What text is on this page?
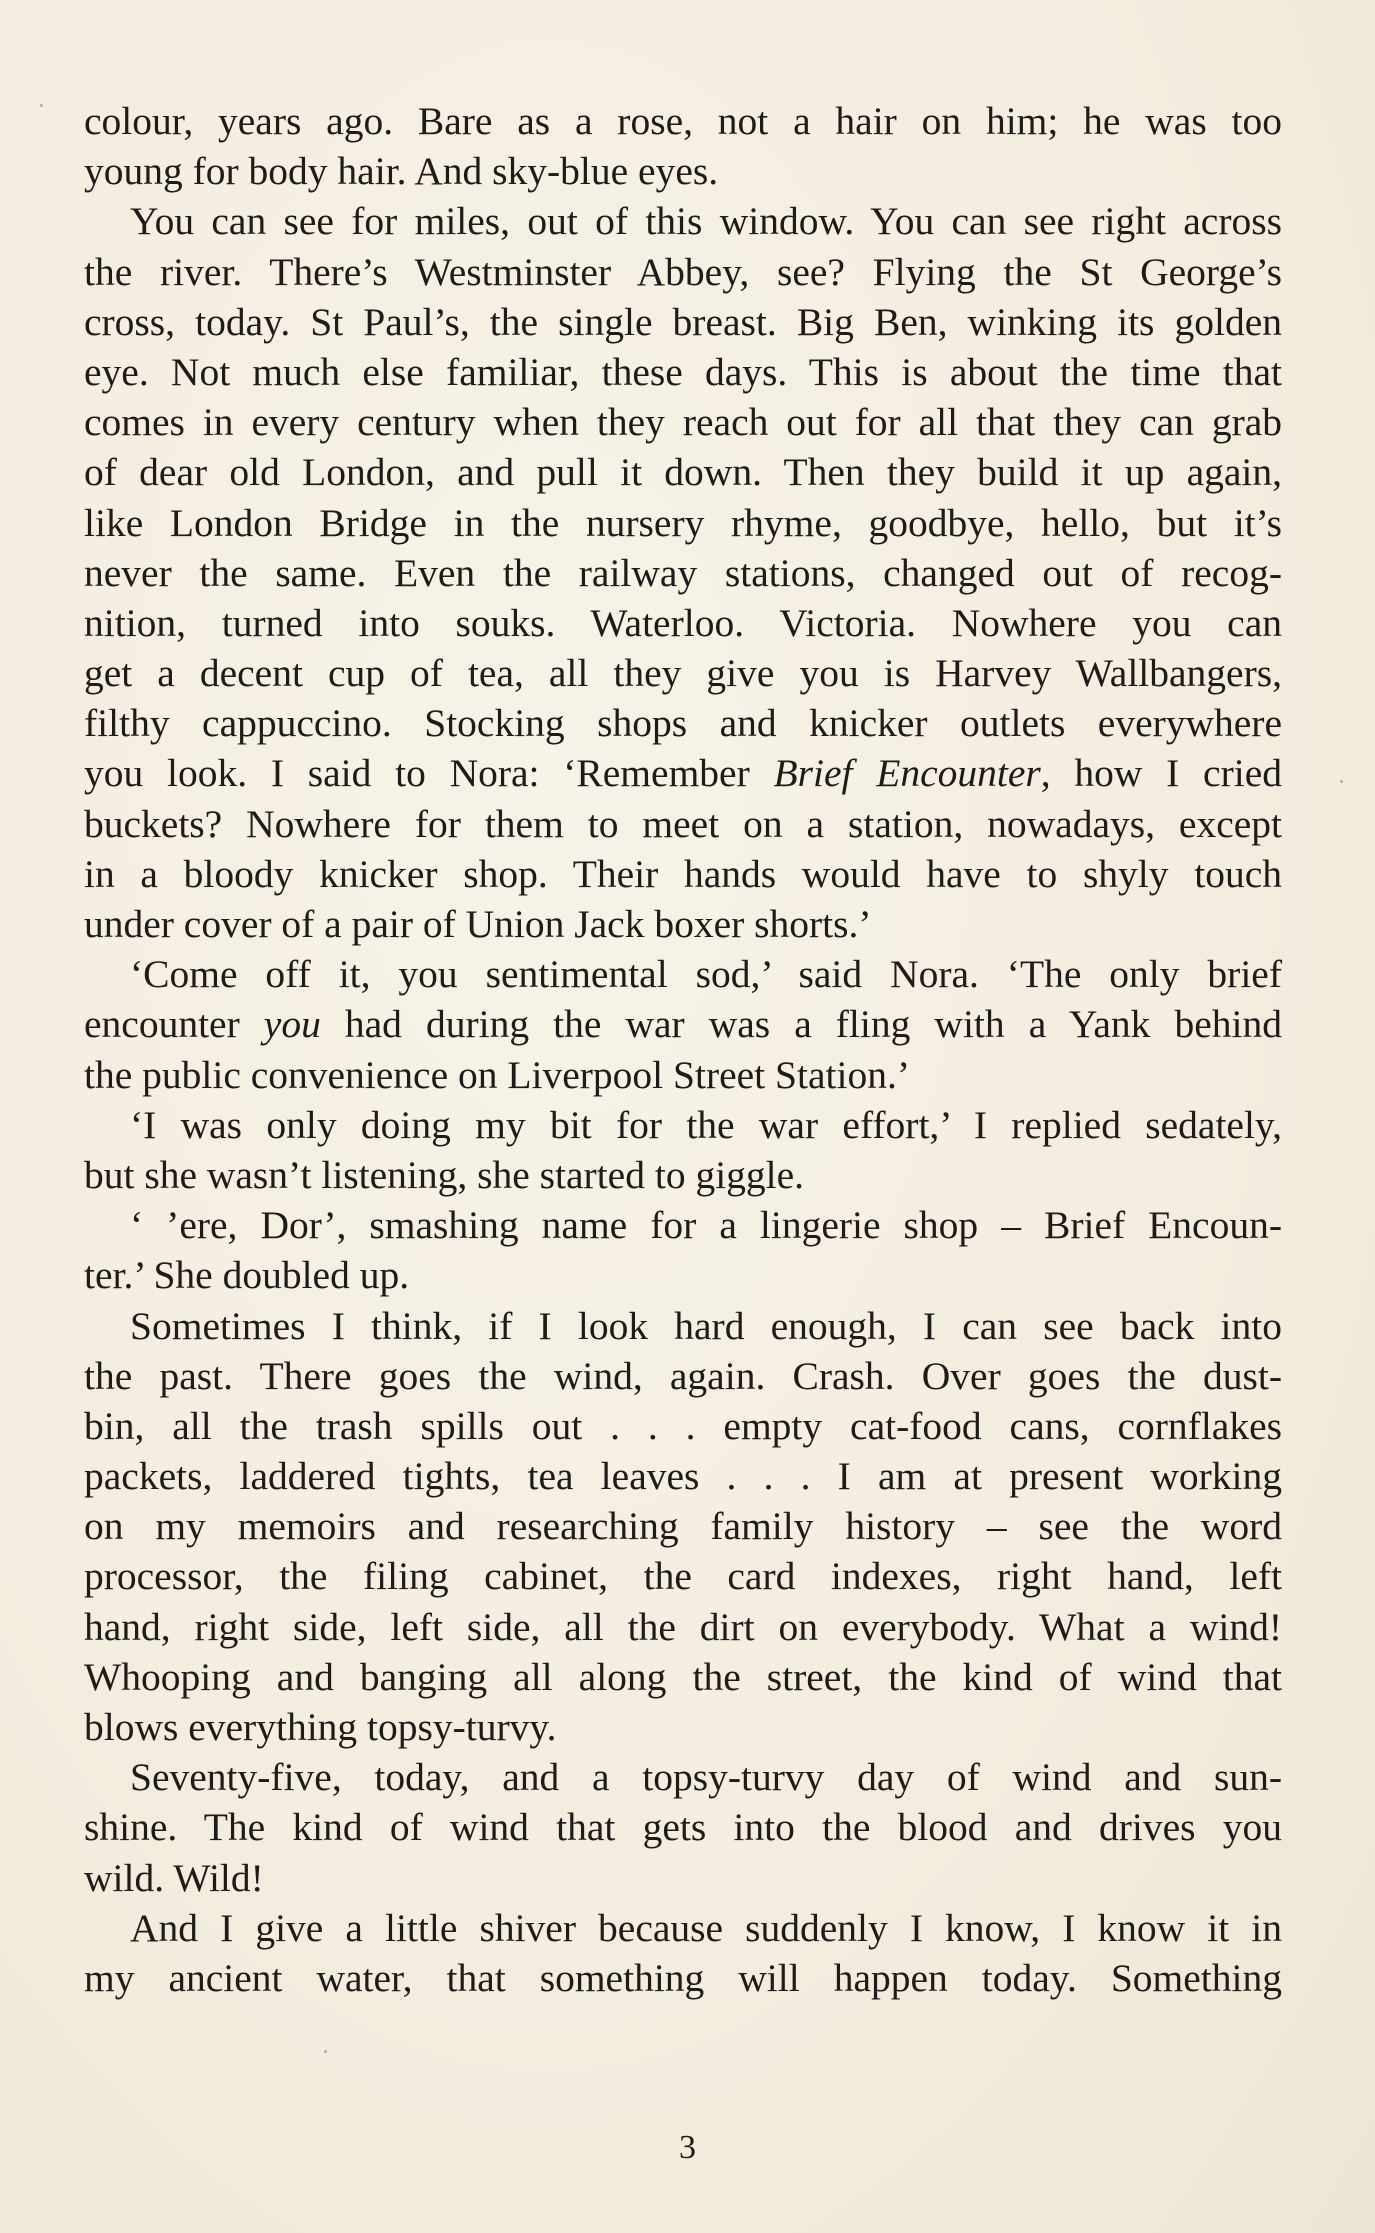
colour, years ago. Bare as a rose, not a hair on him; he was too
young for body hair. And sky-blue eyes.
You can see for miles, out of this window. You can see right across
the river. There’s Westminster Abbey, see? Flying the St George’s
cross, today. St Paul’s, the single breast. Big Ben, winking its golden
eye. Not much else familiar, these days. This is about the time that
comes in every century when they reach out for all that they can grab
of dear old London, and pull it down. Then they build it up again,
like London Bridge in the nursery rhyme, goodbye, hello, but it’s
never the same. Even the railway stations, changed out of recog-
nition, turned into souks. Waterloo. Victoria. Nowhere you can
get a decent cup of tea, all they give you is Harvey Wallbangers,
filthy cappuccino. Stocking shops and knicker outlets everywhere
you look. I said to Nora: ‘Remember Brief Encounter, how I cried
buckets? Nowhere for them to meet on a station, nowadays, except
in a bloody knicker shop. Their hands would have to shyly touch
under cover of a pair of Union Jack boxer shorts.’
‘Come off it, you sentimental sod,’ said Nora. ‘The only brief
encounter you had during the war was a fling with a Yank behind
the public convenience on Liverpool Street Station.’
‘I was only doing my bit for the war effort,’ I replied sedately,
but she wasn’t listening, she started to giggle.
‘ ’ere, Dor’, smashing name for a lingerie shop – Brief Encoun-
ter.’ She doubled up.
Sometimes I think, if I look hard enough, I can see back into
the past. There goes the wind, again. Crash. Over goes the dust-
bin, all the trash spills out . . . empty cat-food cans, cornflakes
packets, laddered tights, tea leaves . . . I am at present working
on my memoirs and researching family history – see the word
processor, the filing cabinet, the card indexes, right hand, left
hand, right side, left side, all the dirt on everybody. What a wind!
Whooping and banging all along the street, the kind of wind that
blows everything topsy-turvy.
Seventy-five, today, and a topsy-turvy day of wind and sun-
shine. The kind of wind that gets into the blood and drives you
wild. Wild!
And I give a little shiver because suddenly I know, I know it in
my ancient water, that something will happen today. Something
3
